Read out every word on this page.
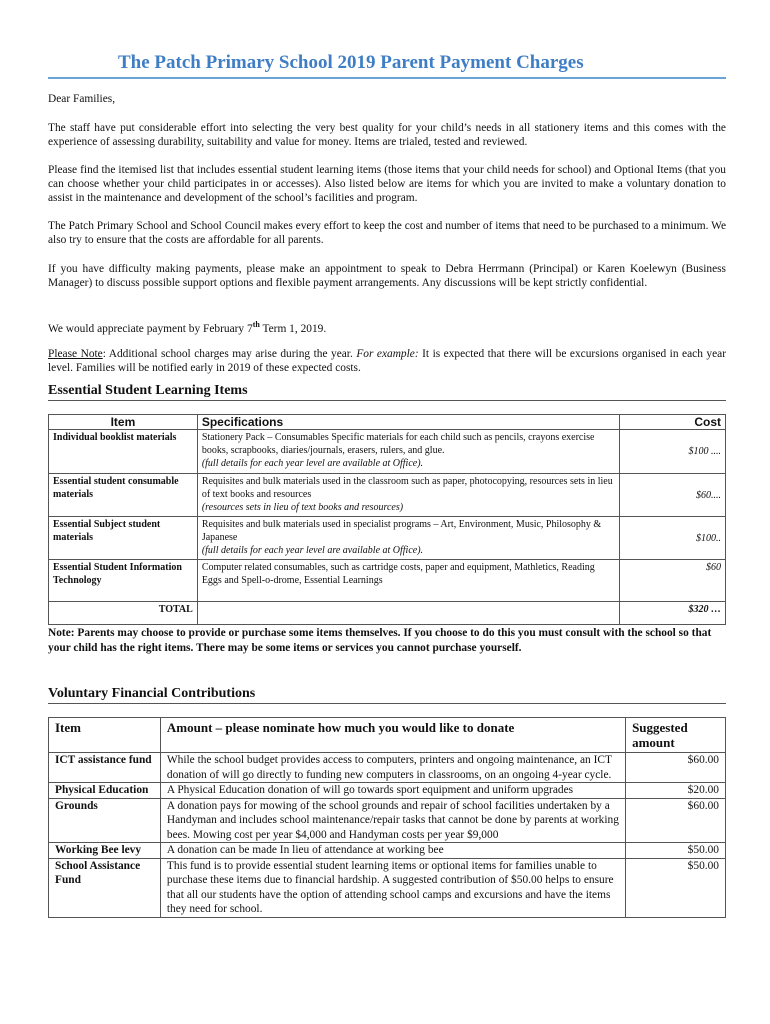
The Patch Primary School 2019 Parent Payment Charges
Dear Families,
The staff have put considerable effort into selecting the very best quality for your child’s needs in all stationery items and this comes with the experience of assessing durability, suitability and value for money. Items are trialed, tested and reviewed.
Please find the itemised list that includes essential student learning items (those items that your child needs for school) and Optional Items (that you can choose whether your child participates in or accesses). Also listed below are items for which you are invited to make a voluntary donation to assist in the maintenance and development of the school’s facilities and program.
The Patch Primary School and School Council makes every effort to keep the cost and number of items that need to be purchased to a minimum. We also try to ensure that the costs are affordable for all parents.
If you have difficulty making payments, please make an appointment to speak to Debra Herrmann (Principal) or Karen Koelewyn (Business Manager) to discuss possible support options and flexible payment arrangements. Any discussions will be kept strictly confidential.
We would appreciate payment by February 7th Term 1, 2019.
Please Note: Additional school charges may arise during the year. For example: It is expected that there will be excursions organised in each year level. Families will be notified early in 2019 of these expected costs.
Essential Student Learning Items
Item	Specifications	Cost
Individual booklist materials	Stationery Pack – Consumables Specific materials for each child such as pencils, crayons exercise books, scrapbooks, diaries/journals, erasers, rulers, and glue.
(full details for each year level are available at Office).	$100 ....
Essential student consumable materials	Requisites and bulk materials used in the classroom such as paper, photocopying, resources sets in lieu of text books and resources
(resources sets in lieu of text books and resources)	$60....
Essential Subject student materials	Requisites and bulk materials used in specialist programs – Art, Environment, Music, Philosophy & Japanese
(full details for each year level are available at Office).	$100..
Essential Student Information Technology	Computer related consumables, such as cartridge costs, paper and equipment, Mathletics, Reading Eggs and Spell-o-drome, Essential Learnings	$60
TOTAL		$320 …
Note: Parents may choose to provide or purchase some items themselves. If you choose to do this you must consult with the school so that your child has the right items. There may be some items or services you cannot purchase yourself.
Voluntary Financial Contributions
Item	Amount – please nominate how much you would like to donate	Suggested amount
ICT assistance fund	While the school budget provides access to computers, printers and ongoing maintenance, an ICT donation of will go directly to funding new computers in classrooms, on an ongoing 4-year cycle.	$60.00
Physical Education	A Physical Education donation of will go towards sport equipment and uniform upgrades	$20.00
Grounds	A donation pays for mowing of the school grounds and repair of school facilities undertaken by a Handyman and includes school maintenance/repair tasks that cannot be done by parents at working bees. Mowing cost per year $4,000 and Handyman costs per year $9,000	$60.00
Working Bee levy	A donation can be made In lieu of attendance at working bee	$50.00
School Assistance Fund	This fund is to provide essential student learning items or optional items for families unable to purchase these items due to financial hardship. A suggested contribution of $50.00 helps to ensure that all our students have the option of attending school camps and excursions and have the items they need for school.	$50.00
